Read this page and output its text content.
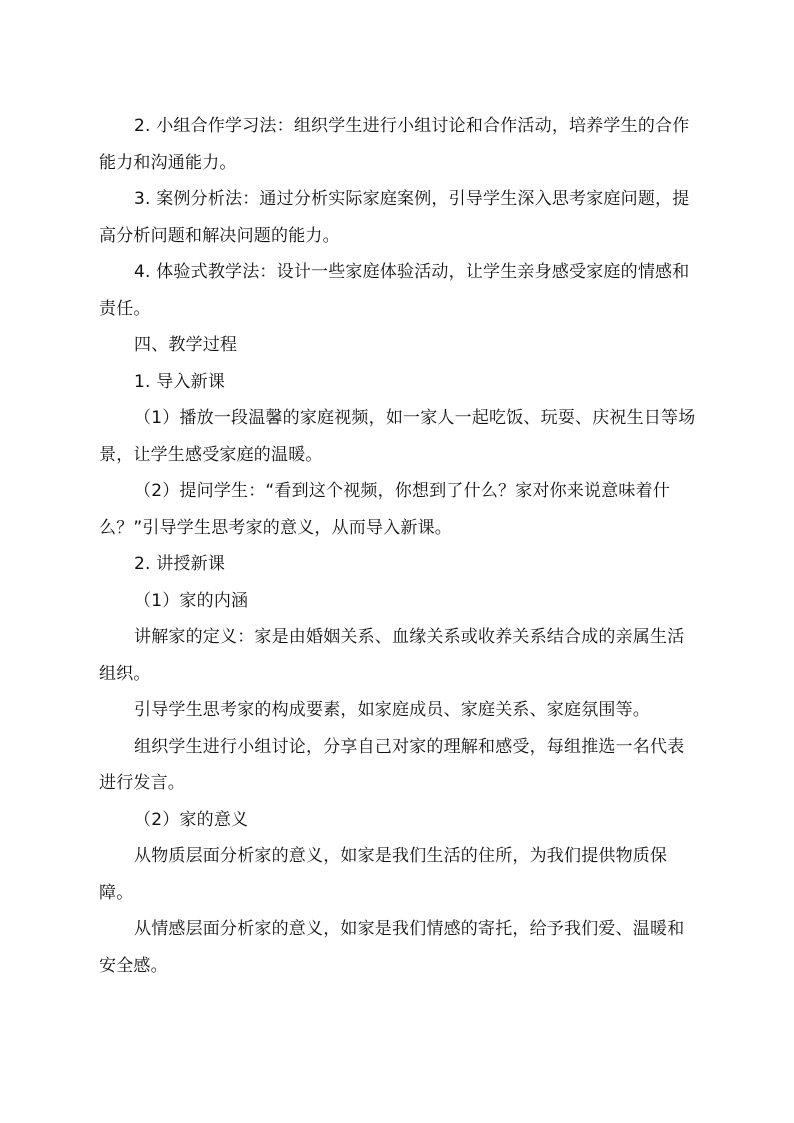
2. 小组合作学习法：组织学生进行小组讨论和合作活动，培养学生的合作能力和沟通能力。

3. 案例分析法：通过分析实际家庭案例，引导学生深入思考家庭问题，提高分析问题和解决问题的能力。

4. 体验式教学法：设计一些家庭体验活动，让学生亲身感受家庭的情感和责任。

四、教学过程

1. 导入新课

（1）播放一段温馨的家庭视频，如一家人一起吃饭、玩耍、庆祝生日等场景，让学生感受家庭的温暖。

（2）提问学生：“看到这个视频，你想到了什么？家对你来说意味着什么？”引导学生思考家的意义，从而导入新课。

2. 讲授新课

（1）家的内涵

讲解家的定义：家是由婚姻关系、血缘关系或收养关系结合成的亲属生活组织。

引导学生思考家的构成要素，如家庭成员、家庭关系、家庭氛围等。

组织学生进行小组讨论，分享自己对家的理解和感受，每组推选一名代表进行发言。

（2）家的意义

从物质层面分析家的意义，如家是我们生活的住所，为我们提供物质保障。

从情感层面分析家的意义，如家是我们情感的寄托，给予我们爱、温暖和安全感。
